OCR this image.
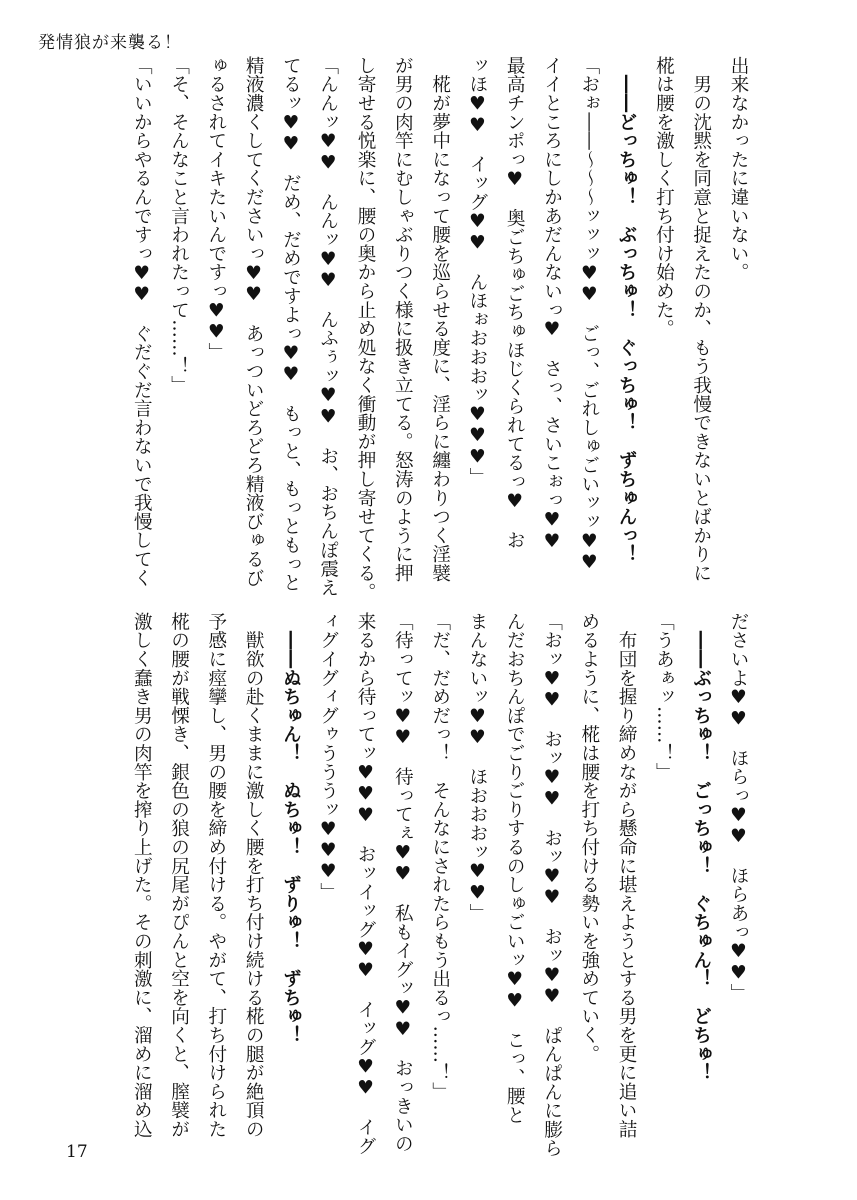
発情狼が来襲る！
出来なかったに違いない。
　男の沈黙を同意と捉えたのか、もう我慢できないとばかりに
椛は腰を激しく打ち付け始めた。
　――どっちゅ！　ぶっちゅ！　ぐっちゅ！　ずちゅんっ！
「おぉ――～～～ッッッ♥♥　ごっ、ごれしゅごいッッ♥♥
イイところにしかあだんないっ♥　さっ、さいこぉっ♥♥
最高チンポっ♥　奥ごちゅごちゅほじくられてるっ♥　お
ッほ♥♥　イッグ♥♥　んほぉおおおッ♥♥♥」
　椛が夢中になって腰を巡らせる度に、淫らに纏わりつく淫襞
が男の肉竿にむしゃぶりつく様に扱き立てる。怒涛のように押
し寄せる悦楽に、腰の奥から止め処なく衝動が押し寄せてくる。
「んんッ♥♥　んんッ♥♥　んふぅッ♥♥　お、おちんぽ震え
てるッ♥♥　だめ、だめですよっ♥♥　もっと、もっともっと
精液濃くしてくださいっ♥♥　あっついどろどろ精液びゅるび
ゅるされてイキたいんですっ♥♥」
「そ、そんなこと言われたって……！」
「いいからやるんですっ♥♥　ぐだぐだ言わないで我慢してく
ださいよ♥♥　ほらっ♥♥　ほらあっ♥♥」
　――ぶっちゅ！　ごっちゅ！　ぐちゅん！　どちゅ！
「うあぁッ……！」
　布団を握り締めながら懸命に堪えようとする男を更に追い詰
めるように、椛は腰を打ち付ける勢いを強めていく。
「おッ♥♥　おッ♥♥　おッ♥♥　おッ♥♥　ぱんぱんに膨ら
んだおちんぽでごりごりするのしゅごいッ♥♥　こっ、腰と
まんないッ♥♥　ほおおおッ♥♥」
「だ、だめだっ！　そんなにされたらもう出るっ……！」
「待ってッ♥♥　待ってぇ♥♥　私もイグッ♥♥　おっきいの
来るから待ってッ♥♥♥　おッイッグ♥♥　イッグ♥♥　イグ
ィグイグィグゥうううッ♥♥♥」
　――ぬちゅん！　ぬちゅ！　ずりゅ！　ずちゅ！
　獣欲の赴くままに激しく腰を打ち付け続ける椛の腿が絶頂の
予感に痙攣し、男の腰を締め付ける。やがて、打ち付けられた
椛の腰が戦慄き、銀色の狼の尻尾がぴんと空を向くと、膣襞が
激しく蠢き男の肉竿を搾り上げた。その刺激に、溜めに溜め込
17
